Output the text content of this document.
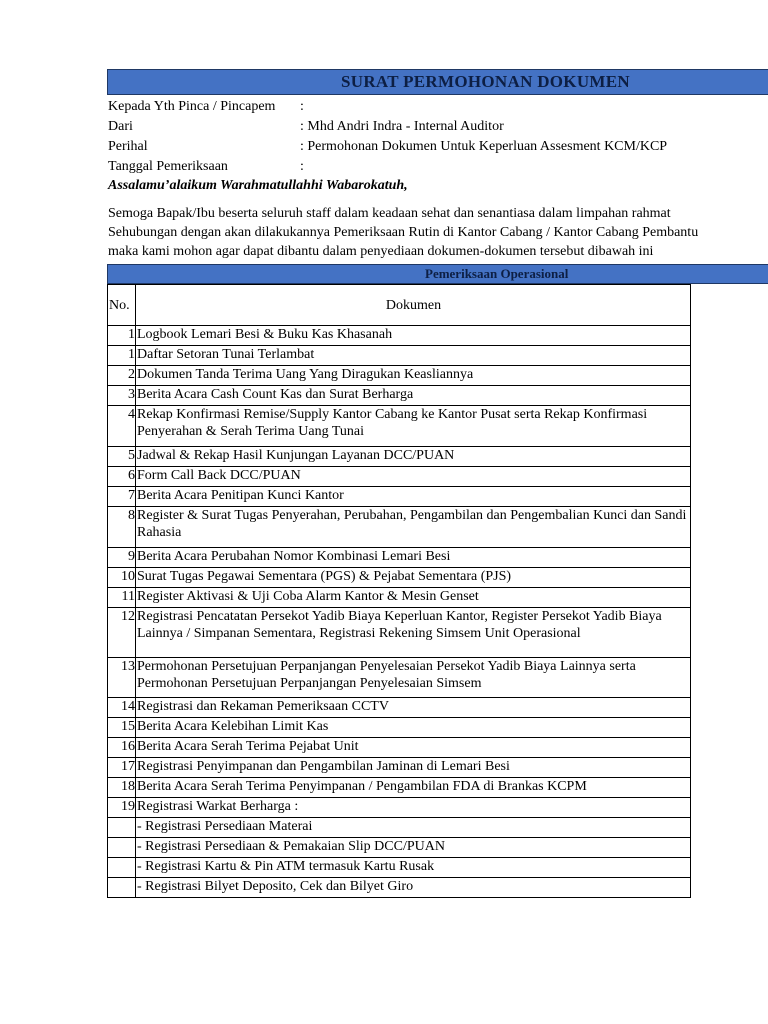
SURAT PERMOHONAN DOKUMEN
Kepada Yth Pinca / Pincapem :
Dari	: Mhd Andri Indra - Internal Auditor
Perihal	: Permohonan Dokumen Untuk Keperluan Assesment KCM/KCP
Tanggal Pemeriksaan	:
Assalamu’alaikum Warahmatullahhi Wabarokatuh,
Semoga Bapak/Ibu beserta seluruh staff dalam keadaan sehat dan senantiasa dalam limpahan rahmat
Sehubungan dengan akan dilakukannya Pemeriksaan Rutin di Kantor Cabang / Kantor Cabang Pembantu
maka kami mohon agar dapat dibantu dalam penyediaan dokumen-dokumen tersebut dibawah ini
Pemeriksaan Operasional
No.	Dokumen
1	Logbook Lemari Besi & Buku Kas Khasanah
1	Daftar Setoran Tunai Terlambat
2	Dokumen Tanda Terima Uang Yang Diragukan Keasliannya
3	Berita Acara Cash Count Kas dan Surat Berharga
4	Rekap Konfirmasi Remise/Supply Kantor Cabang ke Kantor Pusat serta Rekap Konfirmasi Penyerahan & Serah Terima Uang Tunai
5	Jadwal & Rekap Hasil Kunjungan Layanan DCC/PUAN
6	Form Call Back DCC/PUAN
7	Berita Acara Penitipan Kunci Kantor
8	Register & Surat Tugas Penyerahan, Perubahan, Pengambilan dan Pengembalian Kunci dan Sandi Rahasia
9	Berita Acara Perubahan Nomor Kombinasi Lemari Besi
10	Surat Tugas Pegawai Sementara (PGS) & Pejabat Sementara (PJS)
11	Register Aktivasi & Uji Coba Alarm Kantor & Mesin Genset
12	Registrasi Pencatatan Persekot Yadib Biaya Keperluan Kantor, Register Persekot Yadib Biaya Lainnya / Simpanan Sementara, Registrasi Rekening Simsem Unit Operasional
13	Permohonan Persetujuan Perpanjangan Penyelesaian Persekot Yadib Biaya Lainnya serta Permohonan Persetujuan Perpanjangan Penyelesaian Simsem
14	Registrasi dan Rekaman Pemeriksaan CCTV
15	Berita Acara Kelebihan Limit Kas
16	Berita Acara Serah Terima Pejabat Unit
17	Registrasi Penyimpanan dan Pengambilan Jaminan di Lemari Besi
18	Berita Acara Serah Terima Penyimpanan / Pengambilan FDA di Brankas KCPM
19	Registrasi Warkat Berharga :
	- Registrasi Persediaan Materai
	- Registrasi Persediaan & Pemakaian Slip DCC/PUAN
	- Registrasi Kartu & Pin ATM termasuk Kartu Rusak
	- Registrasi Bilyet Deposito, Cek dan Bilyet Giro
